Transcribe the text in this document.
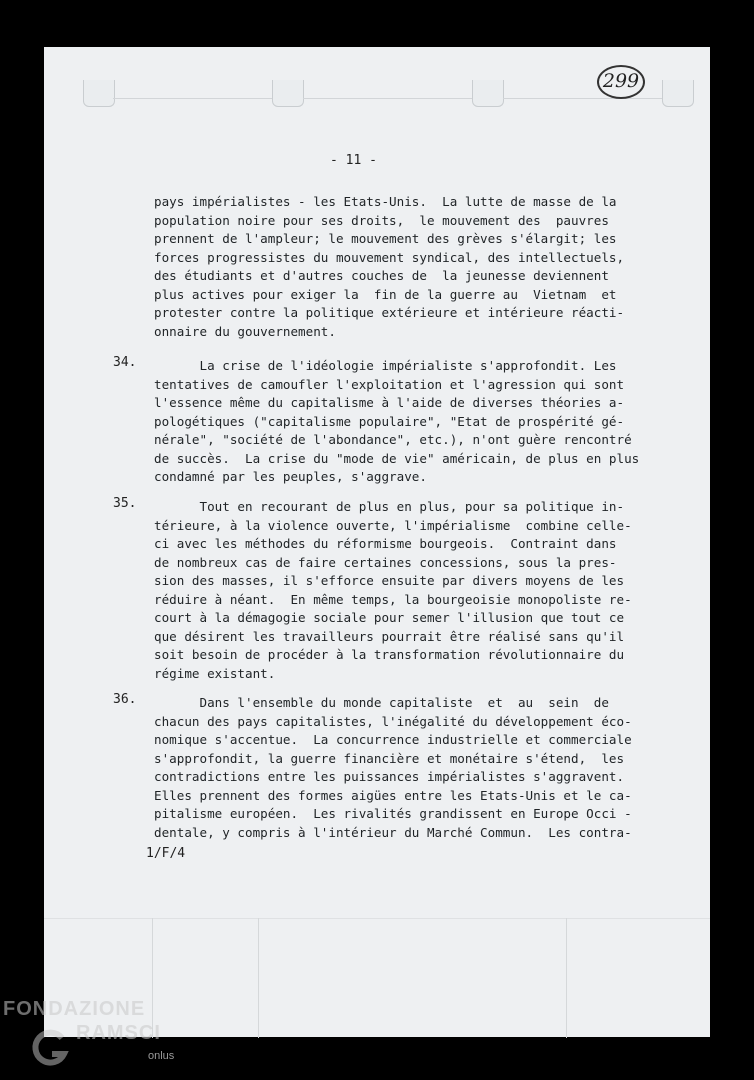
299
- 11 -
pays impérialistes - les Etats-Unis.  La lutte de masse de la
population noire pour ses droits,  le mouvement des  pauvres
prennent de l'ampleur; le mouvement des grèves s'élargit; les
forces progressistes du mouvement syndical, des intellectuels,
des étudiants et d'autres couches de  la jeunesse deviennent
plus actives pour exiger la  fin de la guerre au  Vietnam  et
protester contre la politique extérieure et intérieure réacti-
onnaire du gouvernement.
34. La crise de l'idéologie impérialiste s'approfondit. Les
tentatives de camoufler l'exploitation et l'agression qui sont
l'essence même du capitalisme à l'aide de diverses théories a-
pologétiques ("capitalisme populaire", "Etat de prospérité gé-
nérale", "société de l'abondance", etc.), n'ont guère rencontré
de succès.  La crise du "mode de vie" américain, de plus en plus
condamné par les peuples, s'aggrave.
35. Tout en recourant de plus en plus, pour sa politique in-
térieure, à la violence ouverte, l'impérialisme  combine celle-
ci avec les méthodes du réformisme bourgeois.  Contraint dans
de nombreux cas de faire certaines concessions, sous la pres-
sion des masses, il s'efforce ensuite par divers moyens de les
réduire à néant.  En même temps, la bourgeoisie monopoliste re-
court à la démagogie sociale pour semer l'illusion que tout ce
que désirent les travailleurs pourrait être réalisé sans qu'il
soit besoin de procéder à la transformation révolutionnaire du
régime existant.
36. Dans l'ensemble du monde capitaliste  et  au  sein  de
chacun des pays capitalistes, l'inégalité du développement éco-
nomique s'accentue.  La concurrence industrielle et commerciale
s'approfondit, la guerre financière et monétaire s'étend,  les
contradictions entre les puissances impérialistes s'aggravent.
Elles prennent des formes aigües entre les Etats-Unis et le ca-
pitalisme européen.  Les rivalités grandissent en Europe Occi -
dentale, y compris à l'intérieur du Marché Commun.  Les contra-
1/F/4
FONDAZIONE
RAMSCI
onlus
